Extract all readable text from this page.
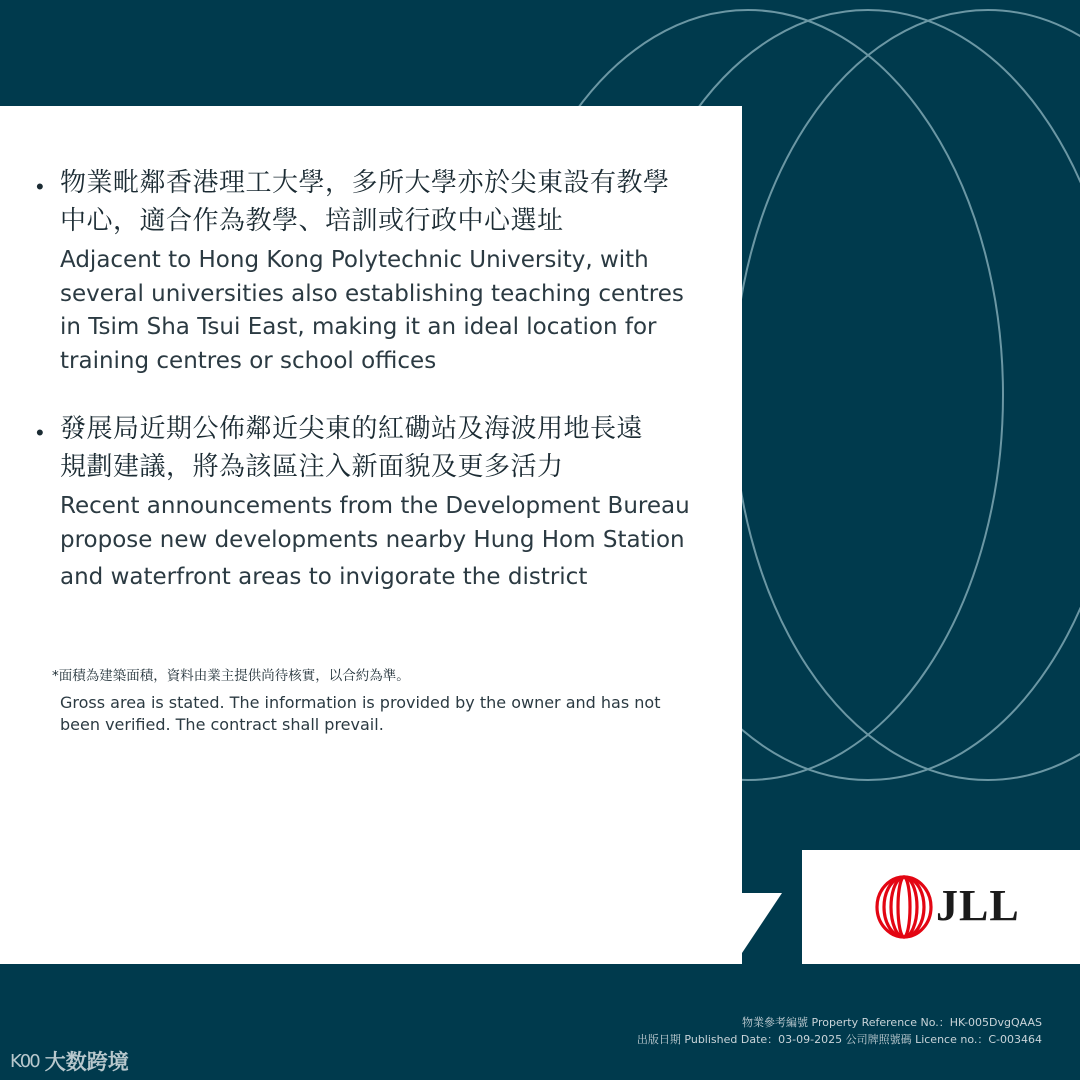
• 物業毗鄰香港理工大學，多所大學亦於尖東設有教學
中心，適合作為教學、培訓或行政中心選址
Adjacent to Hong Kong Polytechnic University, with
several universities also establishing teaching centres
in Tsim Sha Tsui East, making it an ideal location for
training centres or school offices
• 發展局近期公佈鄰近尖東的紅磡站及海波用地長遠
規劃建議，將為該區注入新面貌及更多活力
Recent announcements from the Development Bureau
propose new developments nearby Hung Hom Station
and waterfront areas to invigorate the district
*面積為建築面積，資料由業主提供尚待核實，以合約為準。
Gross area is stated. The information is provided by the owner and has not
been verified. The contract shall prevail.
JLL
物業參考編號 Property Reference No.：HK-005DvgQAAS
出版日期 Published Date：03-09-2025 公司牌照號碼 Licence no.：C-003464
K00 大数跨境
